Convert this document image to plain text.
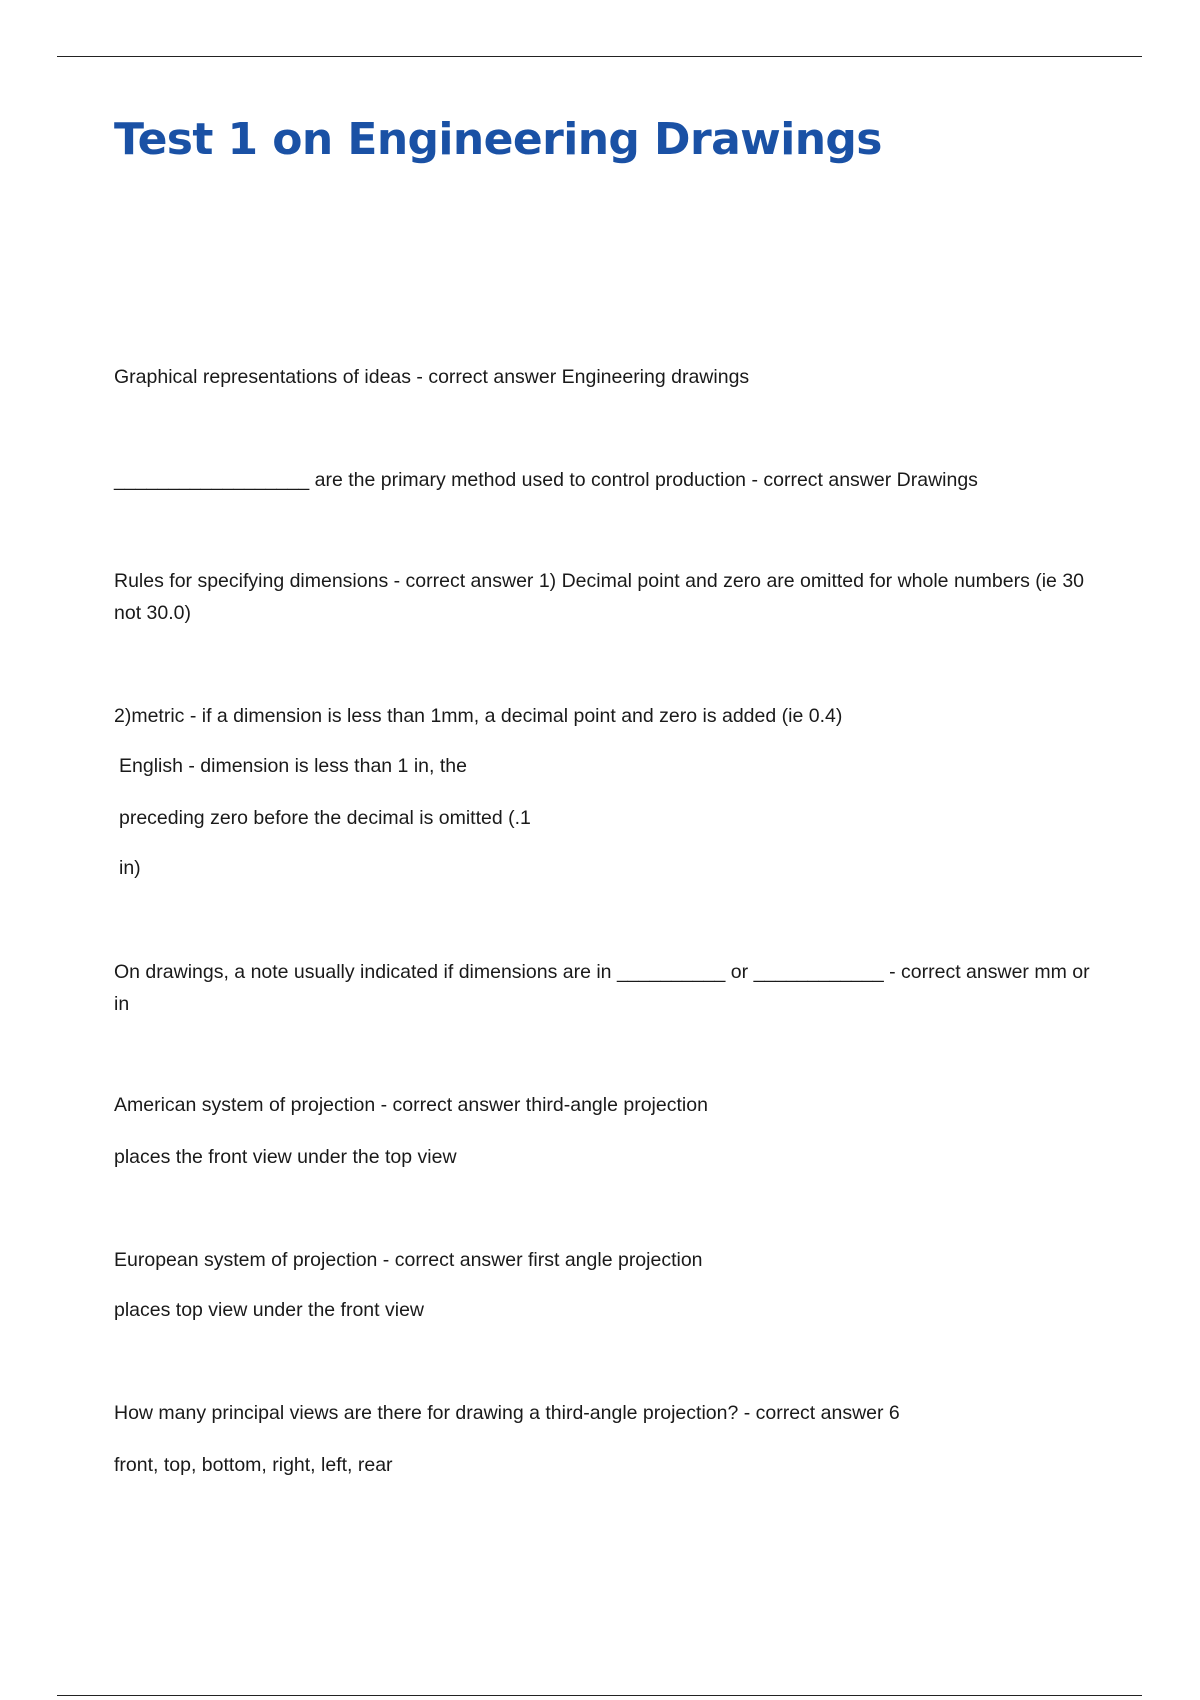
Test 1 on Engineering Drawings

Graphical representations of ideas - correct answer Engineering drawings

__________________ are the primary method used to control production - correct answer Drawings

Rules for specifying dimensions - correct answer 1) Decimal point and zero are omitted for whole numbers (ie 30 not 30.0)

2)metric - if a dimension is less than 1mm, a decimal point and zero is added (ie 0.4)

English - dimension is less than 1 in, the

preceding zero before the decimal is omitted (.1

in)

On drawings, a note usually indicated if dimensions are in __________ or ____________ - correct answer mm or in

American system of projection - correct answer third-angle projection

places the front view under the top view

European system of projection - correct answer first angle projection

places top view under the front view

How many principal views are there for drawing a third-angle projection? - correct answer 6

front, top, bottom, right, left, rear
